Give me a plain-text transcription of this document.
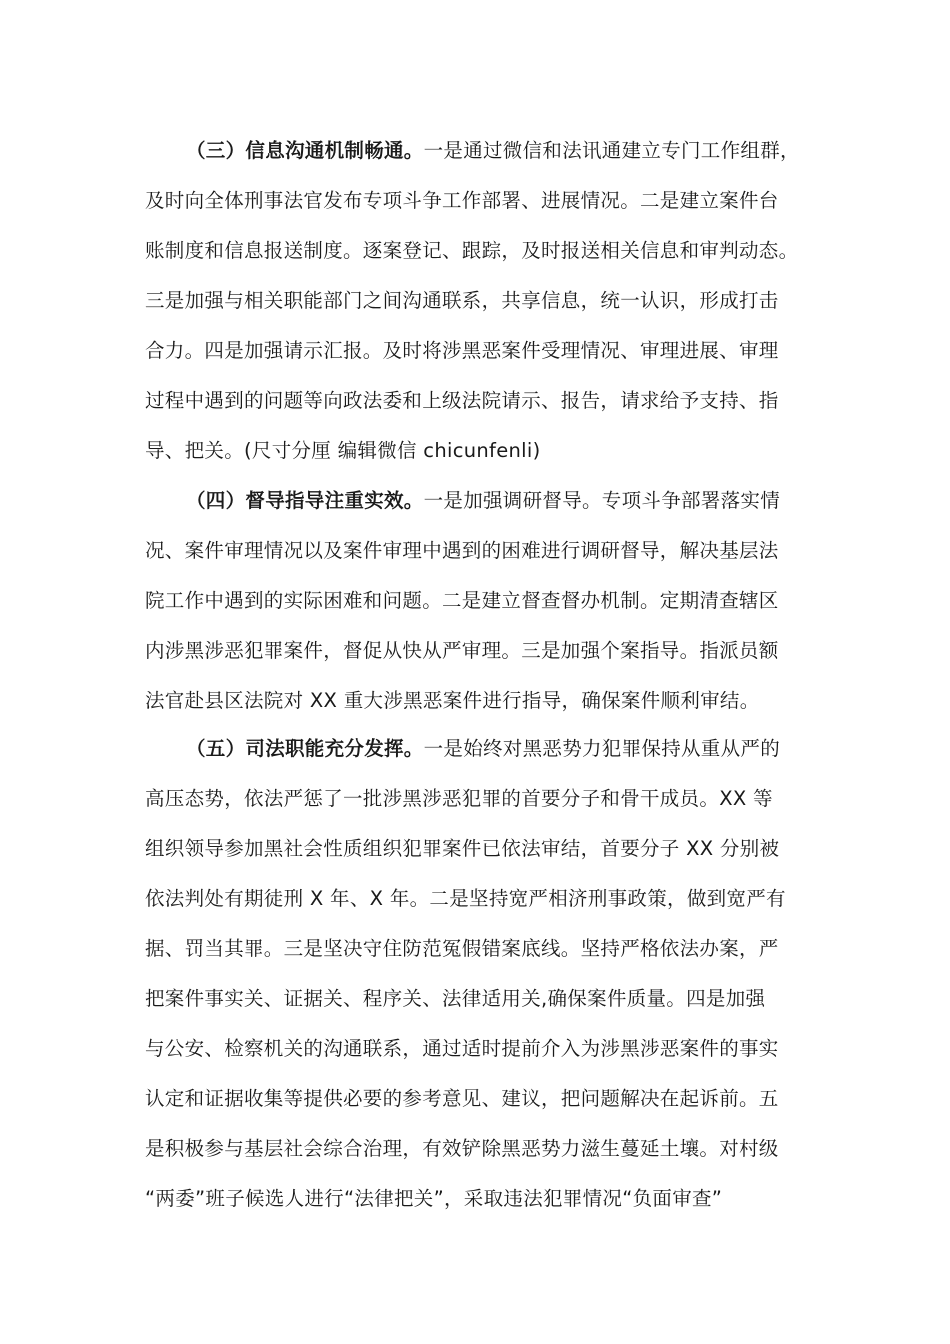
（三）信息沟通机制畅通。一是通过微信和法讯通建立专门工作组群，
及时向全体刑事法官发布专项斗争工作部署、进展情况。二是建立案件台
账制度和信息报送制度。逐案登记、跟踪，及时报送相关信息和审判动态。
三是加强与相关职能部门之间沟通联系，共享信息，统一认识，形成打击
合力。四是加强请示汇报。及时将涉黑恶案件受理情况、审理进展、审理
过程中遇到的问题等向政法委和上级法院请示、报告，请求给予支持、指
导、把关。(尺寸分厘 编辑微信 chicunfenli)
（四）督导指导注重实效。一是加强调研督导。专项斗争部署落实情
况、案件审理情况以及案件审理中遇到的困难进行调研督导，解决基层法
院工作中遇到的实际困难和问题。二是建立督查督办机制。定期清查辖区
内涉黑涉恶犯罪案件，督促从快从严审理。三是加强个案指导。指派员额
法官赴县区法院对 XX 重大涉黑恶案件进行指导，确保案件顺利审结。
（五）司法职能充分发挥。一是始终对黑恶势力犯罪保持从重从严的
高压态势，依法严惩了一批涉黑涉恶犯罪的首要分子和骨干成员。XX 等
组织领导参加黑社会性质组织犯罪案件已依法审结，首要分子 XX 分别被
依法判处有期徒刑 X 年、X 年。二是坚持宽严相济刑事政策，做到宽严有
据、罚当其罪。三是坚决守住防范冤假错案底线。坚持严格依法办案，严
把案件事实关、证据关、程序关、法律适用关,确保案件质量。四是加强
与公安、检察机关的沟通联系，通过适时提前介入为涉黑涉恶案件的事实
认定和证据收集等提供必要的参考意见、建议，把问题解决在起诉前。五
是积极参与基层社会综合治理，有效铲除黑恶势力滋生蔓延土壤。对村级
“两委”班子候选人进行“法律把关”，采取违法犯罪情况“负面审查”
